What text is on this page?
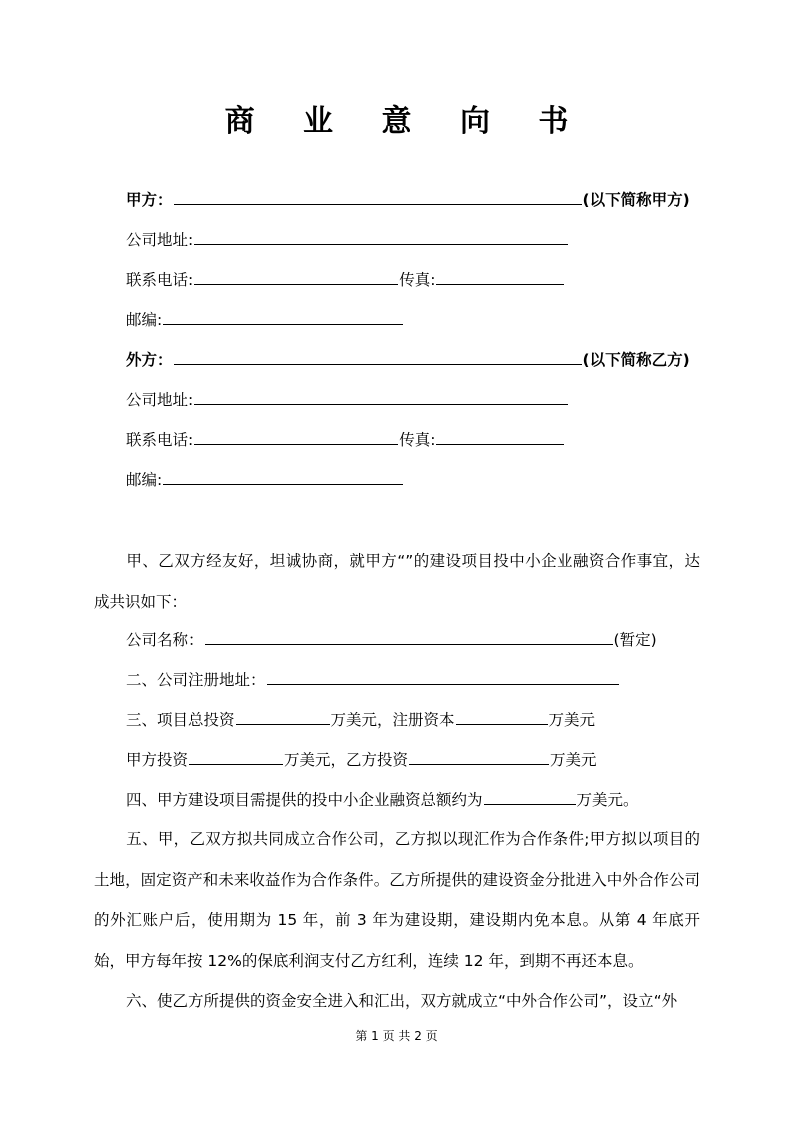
商 业 意 向 书
甲方：	(以下简称甲方)
公司地址:
联系电话:	传真:
邮编:
外方：	(以下简称乙方)
公司地址:
联系电话:	传真:
邮编:
甲、乙双方经友好，坦诚协商，就甲方“”的建设项目投中小企业融资合作事宜，达成共识如下：
公司名称：	(暂定)
二、公司注册地址：
三、项目总投资	万美元，注册资本	万美元
甲方投资	万美元，乙方投资	万美元
四、甲方建设项目需提供的投中小企业融资总额约为	万美元。
五、甲，乙双方拟共同成立合作公司，乙方拟以现汇作为合作条件;甲方拟以项目的土地，固定资产和未来收益作为合作条件。乙方所提供的建设资金分批进入中外合作公司的外汇账户后，使用期为 15 年，前 3 年为建设期，建设期内免本息。从第 4 年底开始，甲方每年按 12%的保底利润支付乙方红利，连续 12 年，到期不再还本息。
六、使乙方所提供的资金安全进入和汇出，双方就成立“中外合作公司”，设立“外
第 1 页 共 2 页
